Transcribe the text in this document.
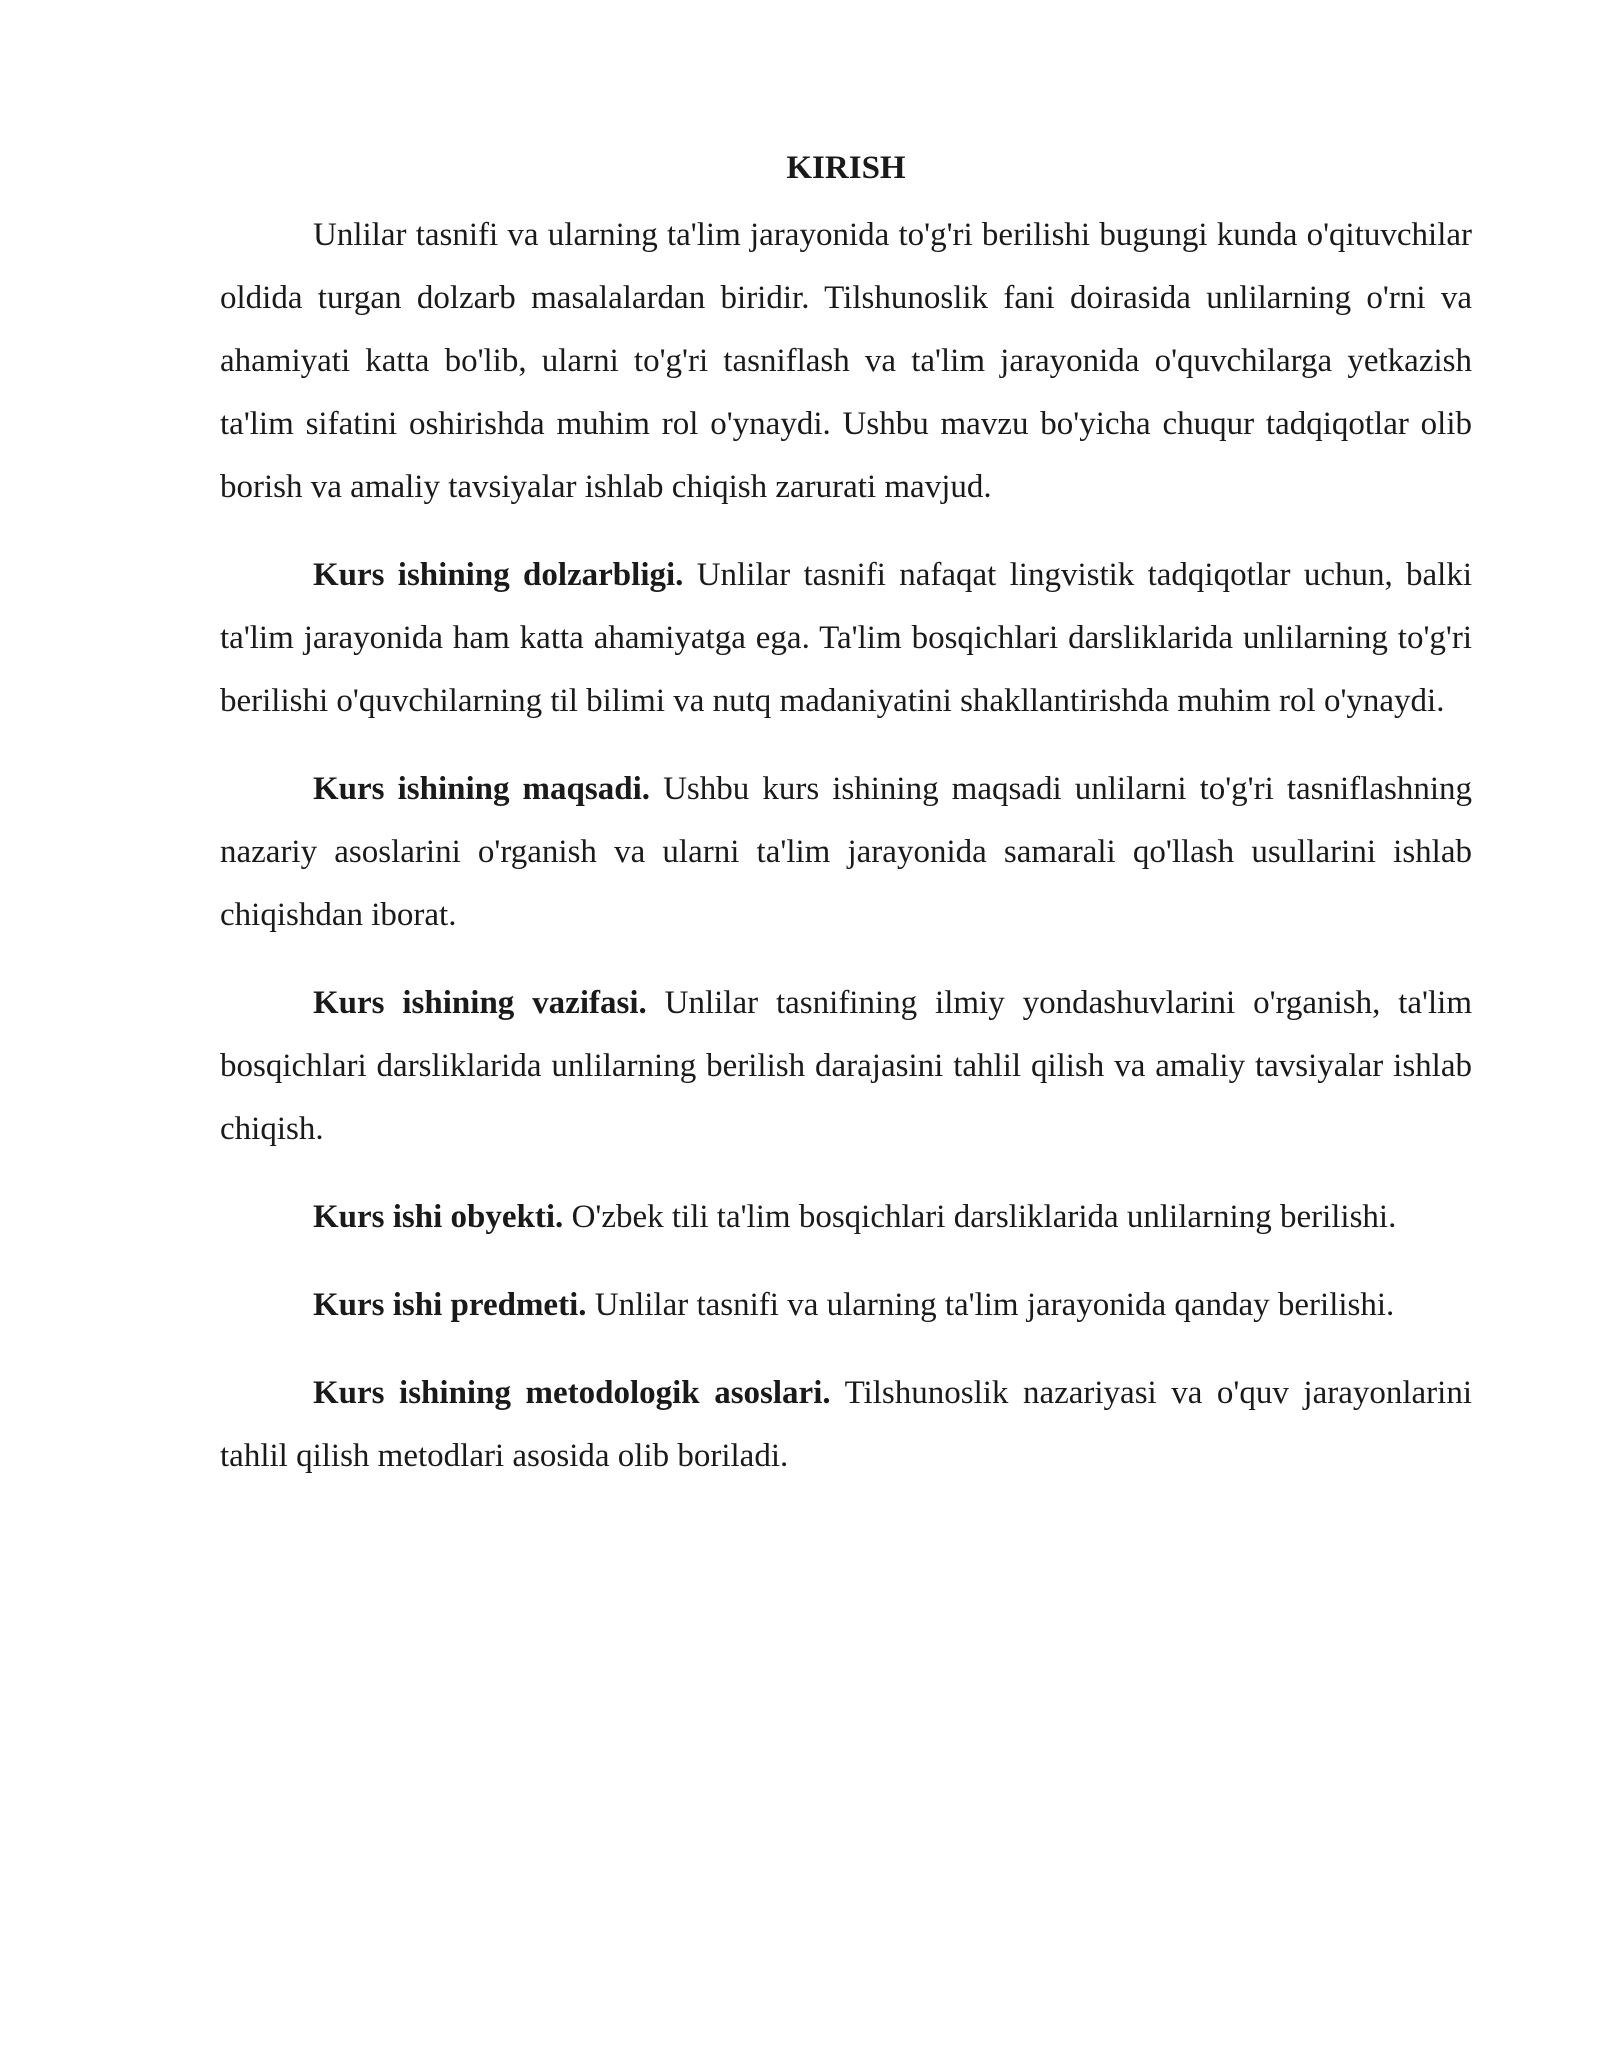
KIRISH

Unlilar tasnifi va ularning ta'lim jarayonida to'g'ri berilishi bugungi kunda o'qituvchilar oldida turgan dolzarb masalalardan biridir. Tilshunoslik fani doirasida unlilarning o'rni va ahamiyati katta bo'lib, ularni to'g'ri tasniflash va ta'lim jarayonida o'quvchilarga yetkazish ta'lim sifatini oshirishda muhim rol o'ynaydi. Ushbu mavzu bo'yicha chuqur tadqiqotlar olib borish va amaliy tavsiyalar ishlab chiqish zarurati mavjud.

Kurs ishining dolzarbligi. Unlilar tasnifi nafaqat lingvistik tadqiqotlar uchun, balki ta'lim jarayonida ham katta ahamiyatga ega. Ta'lim bosqichlari darsliklarida unlilarning to'g'ri berilishi o'quvchilarning til bilimi va nutq madaniyatini shakllantirishda muhim rol o'ynaydi.

Kurs ishining maqsadi. Ushbu kurs ishining maqsadi unlilarni to'g'ri tasniflashning nazariy asoslarini o'rganish va ularni ta'lim jarayonida samarali qo'llash usullarini ishlab chiqishdan iborat.

Kurs ishining vazifasi. Unlilar tasnifining ilmiy yondashuvlarini o'rganish, ta'lim bosqichlari darsliklarida unlilarning berilish darajasini tahlil qilish va amaliy tavsiyalar ishlab chiqish.

Kurs ishi obyekti. O'zbek tili ta'lim bosqichlari darsliklarida unlilarning berilishi.

Kurs ishi predmeti. Unlilar tasnifi va ularning ta'lim jarayonida qanday berilishi.

Kurs ishining metodologik asoslari. Tilshunoslik nazariyasi va o'quv jarayonlarini tahlil qilish metodlari asosida olib boriladi.
